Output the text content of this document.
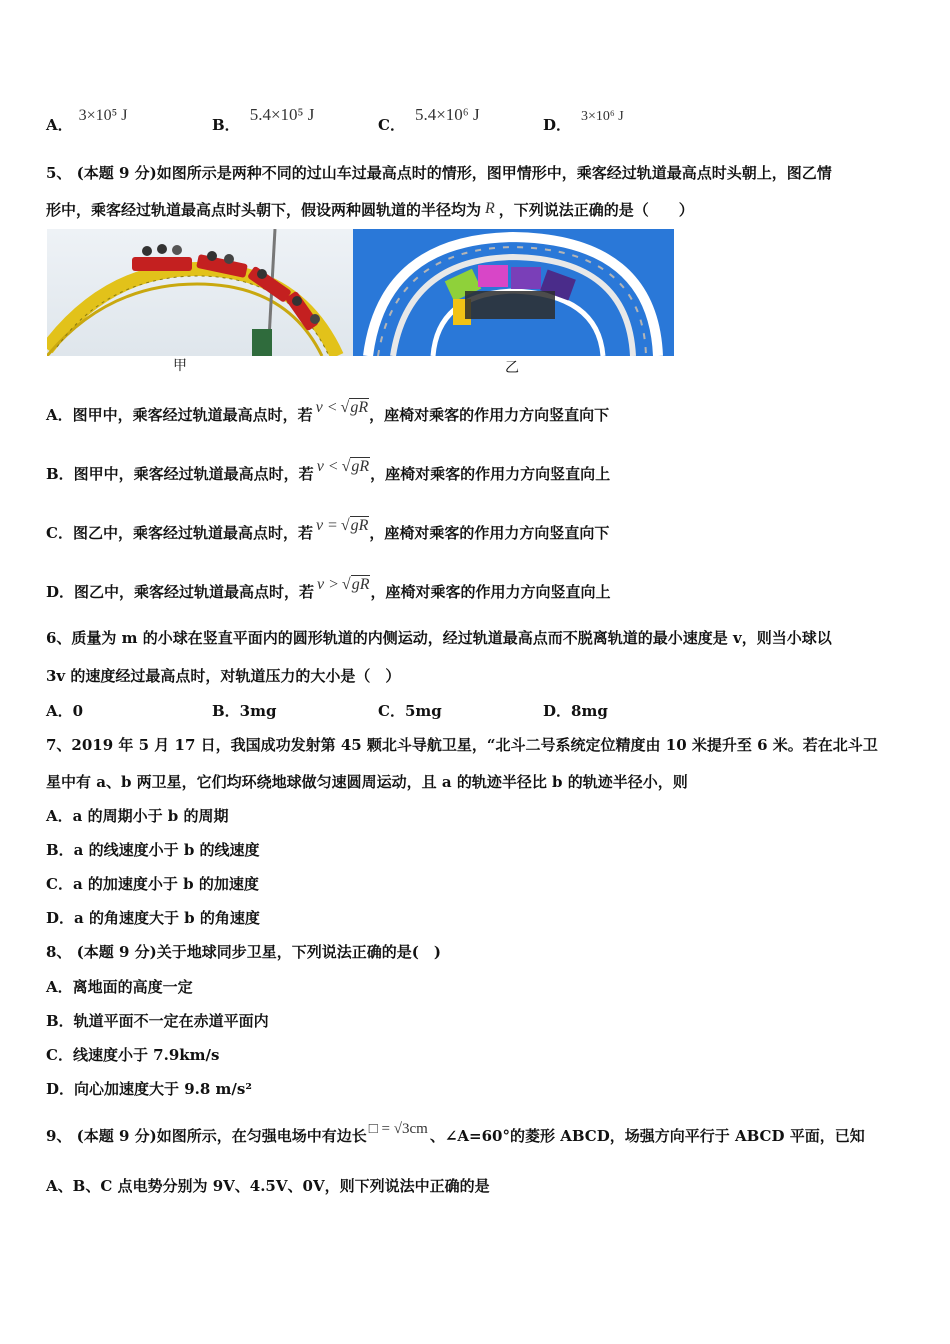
A．3×10⁵ J
B．5.4×10⁵ J
C．5.4×10⁶ J
D． 3×10⁶ J
5、 (本题 9 分)如图所示是两种不同的过山车过最高点时的情形，图甲情形中，乘客经过轨道最高点时头朝上，图乙情
形中，乘客经过轨道最高点时头朝下，假设两种圆轨道的半径均为 R ，下列说法正确的是（　　）
甲	乙
A．图甲中，乘客经过轨道最高点时，若 v < √gR，座椅对乘客的作用力方向竖直向下
B．图甲中，乘客经过轨道最高点时，若 v < √gR，座椅对乘客的作用力方向竖直向上
C．图乙中，乘客经过轨道最高点时，若 v = √gR，座椅对乘客的作用力方向竖直向下
D．图乙中，乘客经过轨道最高点时，若 v > √gR，座椅对乘客的作用力方向竖直向上
6、质量为 m 的小球在竖直平面内的圆形轨道的内侧运动，经过轨道最高点而不脱离轨道的最小速度是 v，则当小球以
3v 的速度经过最高点时，对轨道压力的大小是（　）
A．0	B．3mg	C．5mg	D．8mg
7、2019 年 5 月 17 日，我国成功发射第 45 颗北斗导航卫星，“北斗二号系统定位精度由 10 米提升至 6 米。若在北斗卫
星中有 a、b 两卫星，它们均环绕地球做匀速圆周运动，且 a 的轨迹半径比 b 的轨迹半径小，则
A．a 的周期小于 b 的周期
B．a 的线速度小于 b 的线速度
C．a 的加速度小于 b 的加速度
D．a 的角速度大于 b 的角速度
8、 (本题 9 分)关于地球同步卫星，下列说法正确的是(　)
A．离地面的高度一定
B．轨道平面不一定在赤道平面内
C．线速度小于 7.9km/s
D．向心加速度大于 9.8 m/s²
9、 (本题 9 分)如图所示，在匀强电场中有边长 □ = √3cm 、∠A=60°的菱形 ABCD，场强方向平行于 ABCD 平面，已知
A、B、C 点电势分别为 9V、4.5V、0V，则下列说法中正确的是
